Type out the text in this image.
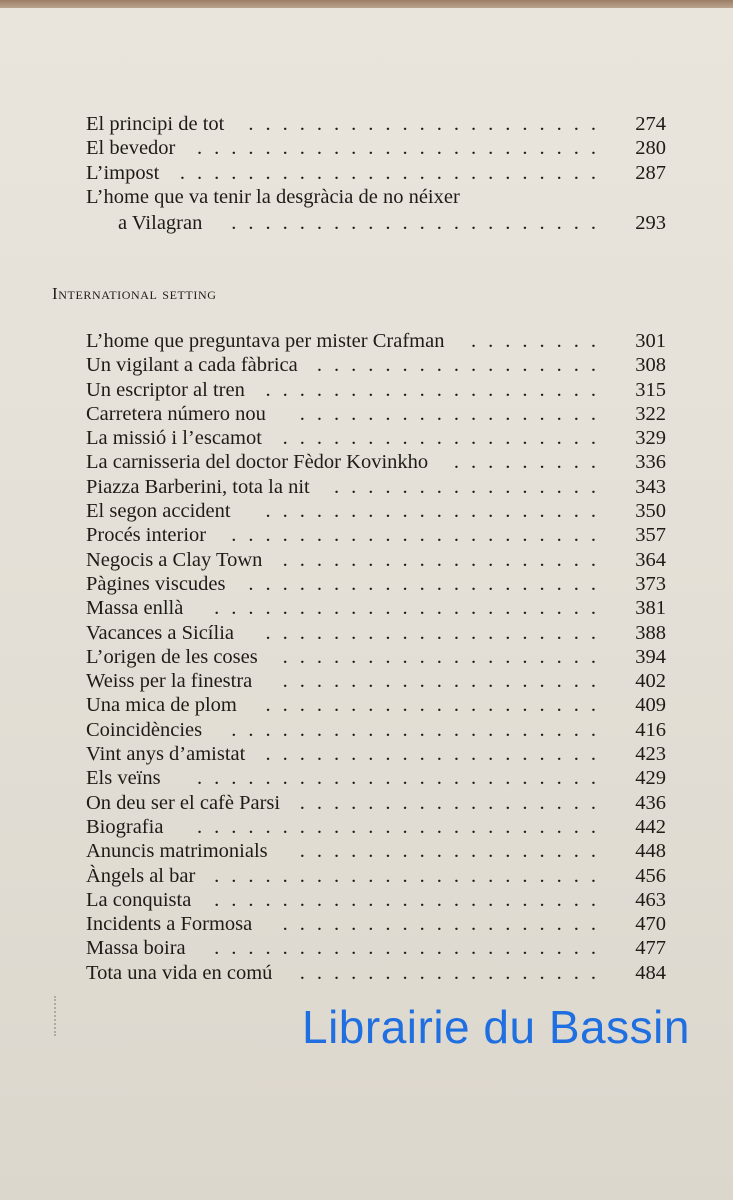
El principi de tot	..................... 274
El bevedor	........................ 280
L’impost	......................... 287
L’home que va tenir la desgràcia de no néixer
a Vilagran	...................... 293
International setting
L’home que preguntava per mister Crafman	........ 301
Un vigilant a cada fàbrica ................. 308
Un escriptor al tren	.................... 315
Carretera número nou	.................. 322
La missió i l’escamot	................... 329
La carnisseria del doctor Fèdor Kovinkho	......... 336
Piazza Barberini, tota la nit	................ 343
El segon accident	.................... 350
Procés interior	...................... 357
Negocis a Clay Town ................... 364
Pàgines viscudes	..................... 373
Massa enllà	....................... 381
Vacances a Sicília	.................... 388
L’origen de les coses	................... 394
Weiss per la finestra	................... 402
Una mica de plom	.................... 409
Coincidències	...................... 416
Vint anys d’amistat .................... 423
Els veïns	........................ 429
On deu ser el cafè Parsi .................. 436
Biografia	........................ 442
Anuncis matrimonials	.................. 448
Àngels al bar ....................... 456
La conquista	....................... 463
Incidents a Formosa	................... 470
Massa boira	....................... 477
Tota una vida en comú	.................. 484

Librairie du Bassin
